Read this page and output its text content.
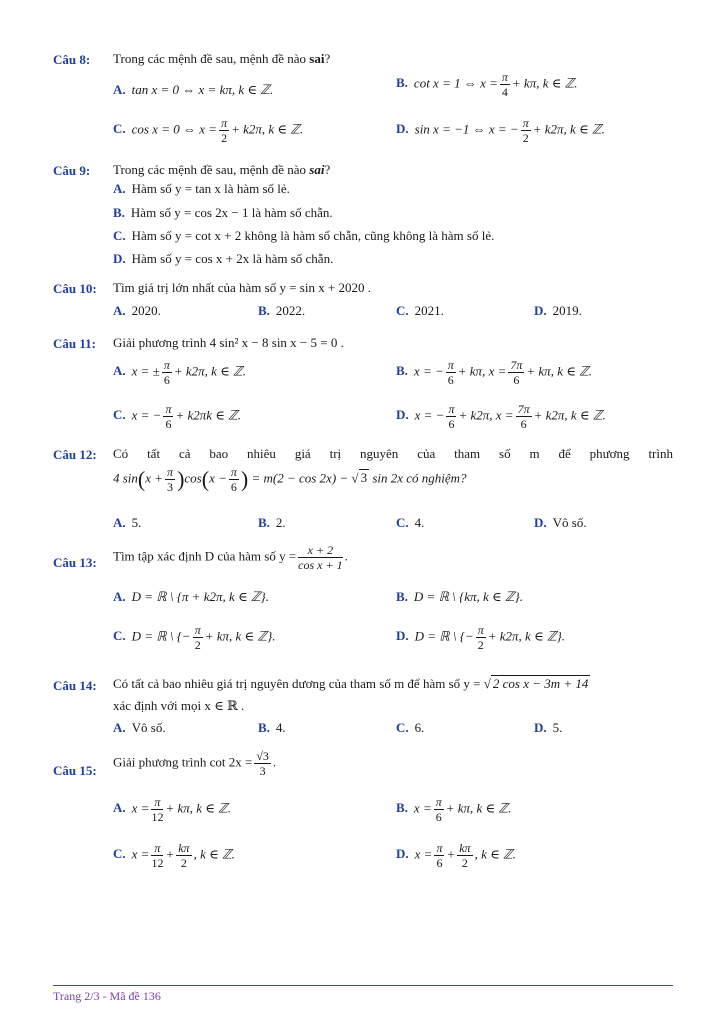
Câu 8: Trong các mệnh đề sau, mệnh đề nào sai?
A. tan x = 0 ⇔ x = kπ, k ∈ ℤ.	B. cot x = 1 ⇔ $x = \frac{\pi}{4} + k\pi$, k ∈ ℤ.
C. cos x = 0 ⇔ $x = \frac{\pi}{2} + k2\pi$, k ∈ ℤ.	D. sin x = −1 ⇔ x = − $\frac{\pi}{2} + k2\pi$, k ∈ ℤ.
Câu 9: Trong các mệnh đề sau, mệnh đề nào sai?
A. Hàm số y = tan x là hàm số lẻ.
B. Hàm số y = cos 2x − 1 là hàm số chẵn.
C. Hàm số y = cot x + 2 không là hàm số chẵn, cũng không là hàm số lẻ.
D. Hàm số y = cos x + 2x là hàm số chẵn.
Câu 10: Tìm giá trị lớn nhất của hàm số y = sin x + 2020 .
A. 2020.	B. 2022.	C. 2021.	D. 2019.
Câu 11: Giải phương trình 4 sin² x − 8 sin x − 5 = 0 .
A. x = ± $\frac{\pi}{6} + k2\pi$, k ∈ ℤ.	B. x = − $\frac{\pi}{6} + k\pi$, $x = \frac{7\pi}{6} + k\pi$, k ∈ ℤ.
C. x = − $\frac{\pi}{6} + k2\pi k$ ∈ ℤ.	D. x = − $\frac{\pi}{6} + k2\pi$, $x = \frac{7\pi}{6} + k2\pi$, k ∈ ℤ.
Câu 12: Có tất cả bao nhiêu giá trị nguyên của tham số m để phương trình
4 $\sin(x + \frac{\pi}{3} )\cos(x - \frac{\pi}{6}$ ) = m(2 − cos 2x) − √ 3 sin 2x có nghiệm?
A. 5.	B. 2.	C. 4.	D. Vô số.
Câu 13: Tìm tập xác định D của hàm số $y = \frac{x + 2}{\text{cos x + 1}}$ .
A. D = ℝ \ {π + k2π, k ∈ ℤ}.	B. D = ℝ \ {kπ, k ∈ ℤ}.
C. D = ℝ \ {− $\frac{\pi}{2} + k\pi$, k ∈ ℤ}.	D. D = ℝ \ {− $\frac{\pi}{2} + k2\pi$, k ∈ ℤ}.
Câu 14: Có tất cả bao nhiêu giá trị nguyên dương của tham số m để hàm số y = √ 2 cos x − 3m + 14
xác định với mọi x ∈ ℝ .
A. Vô số.	B. 4.	C. 6.	D. 5.
Câu 15:
Giải phương trình $\cot 2x = \frac{√3}{3}$ .
A. $x = \frac{\pi}{12} + k\pi$, k ∈ ℤ.	B. $x = \frac{\pi}{6} + k\pi$, k ∈ ℤ.
C. $x = \frac{\pi}{12} + \frac{k\pi}{2}$ , k ∈ ℤ.	D. $x = \frac{\pi}{6} + \frac{k\pi}{2}$ , k ∈ ℤ.
Trang 2/3 - Mã đề 136
